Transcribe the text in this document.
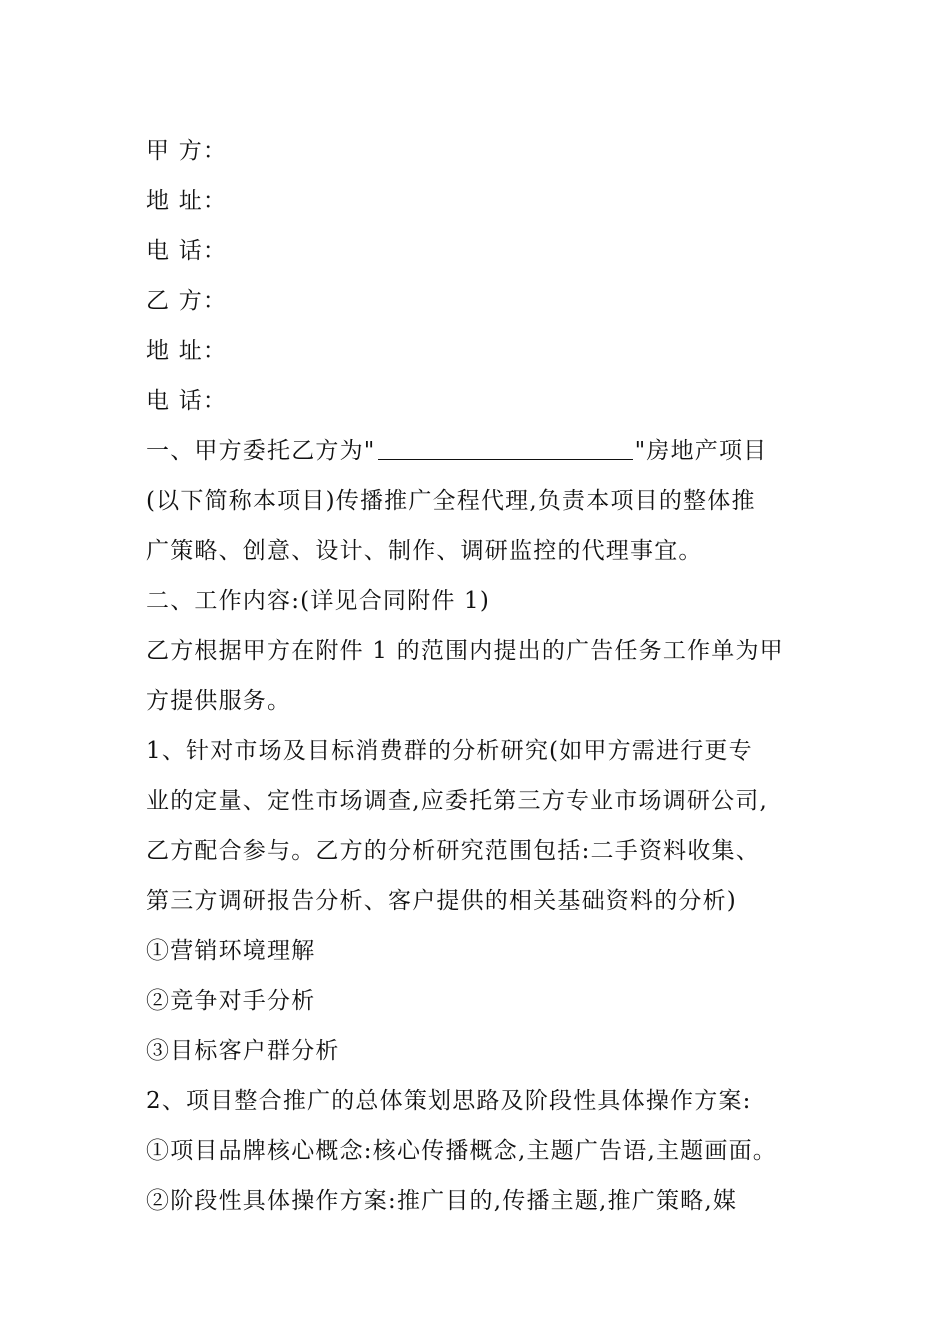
甲 方：
地 址：
电 话：
乙 方：
地 址：
电 话：
一、甲方委托乙方为"	"房地产项目
(以下简称本项目)传播推广全程代理,负责本项目的整体推
广策略、创意、设计、制作、调研监控的代理事宜。
二、工作内容:(详见合同附件 1)
乙方根据甲方在附件 1 的范围内提出的广告任务工作单为甲
方提供服务。
1、针对市场及目标消费群的分析研究(如甲方需进行更专
业的定量、定性市场调查,应委托第三方专业市场调研公司,
乙方配合参与。乙方的分析研究范围包括:二手资料收集、
第三方调研报告分析、客户提供的相关基础资料的分析)
①营销环境理解
②竞争对手分析
③目标客户群分析
2、项目整合推广的总体策划思路及阶段性具体操作方案:
①项目品牌核心概念:核心传播概念,主题广告语,主题画面。
②阶段性具体操作方案:推广目的,传播主题,推广策略,媒
